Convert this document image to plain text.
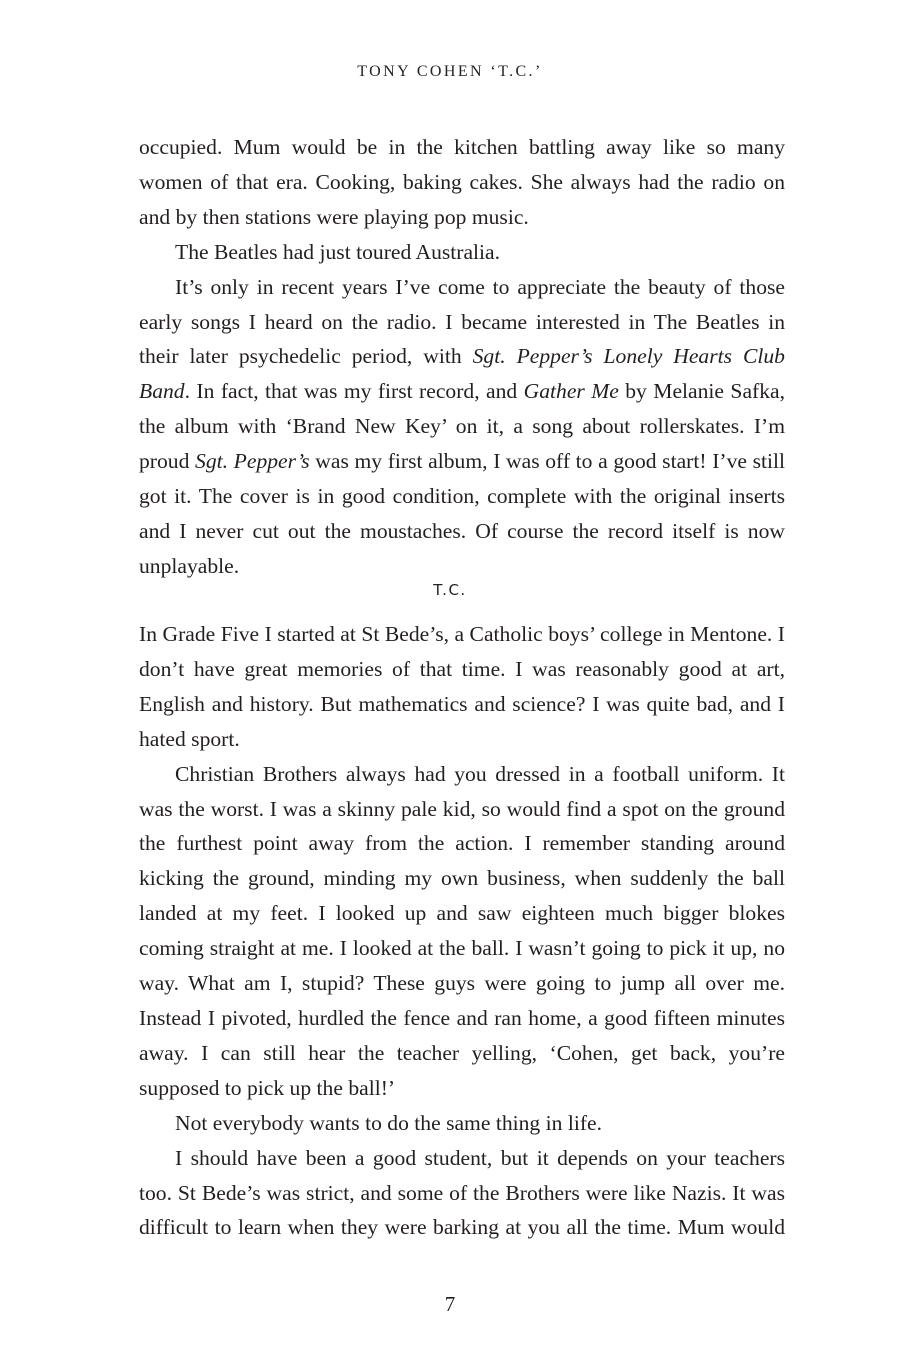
TONY COHEN ‘T.C.’

occupied. Mum would be in the kitchen battling away like so many women of that era. Cooking, baking cakes. She always had the radio on and by then stations were playing pop music.

The Beatles had just toured Australia.

It’s only in recent years I’ve come to appreciate the beauty of those early songs I heard on the radio. I became interested in The Beatles in their later psychedelic period, with Sgt. Pepper’s Lonely Hearts Club Band. In fact, that was my first record, and Gather Me by Melanie Safka, the album with ‘Brand New Key’ on it, a song about rollerskates. I’m proud Sgt. Pepper’s was my first album, I was off to a good start! I’ve still got it. The cover is in good condition, complete with the original inserts and I never cut out the moustaches. Of course the record itself is now unplayable.

T.C.

In Grade Five I started at St Bede’s, a Catholic boys’ college in Mentone. I don’t have great memories of that time. I was reasonably good at art, English and history. But mathematics and science? I was quite bad, and I hated sport.

Christian Brothers always had you dressed in a football uniform. It was the worst. I was a skinny pale kid, so would find a spot on the ground the furthest point away from the action. I remember standing around kicking the ground, minding my own business, when suddenly the ball landed at my feet. I looked up and saw eighteen much bigger blokes coming straight at me. I looked at the ball. I wasn’t going to pick it up, no way. What am I, stupid? These guys were going to jump all over me. Instead I pivoted, hurdled the fence and ran home, a good fifteen minutes away. I can still hear the teacher yelling, ‘Cohen, get back, you’re supposed to pick up the ball!’

Not everybody wants to do the same thing in life.

I should have been a good student, but it depends on your teachers too. St Bede’s was strict, and some of the Brothers were like Nazis. It was difficult to learn when they were barking at you all the time. Mum would

7
